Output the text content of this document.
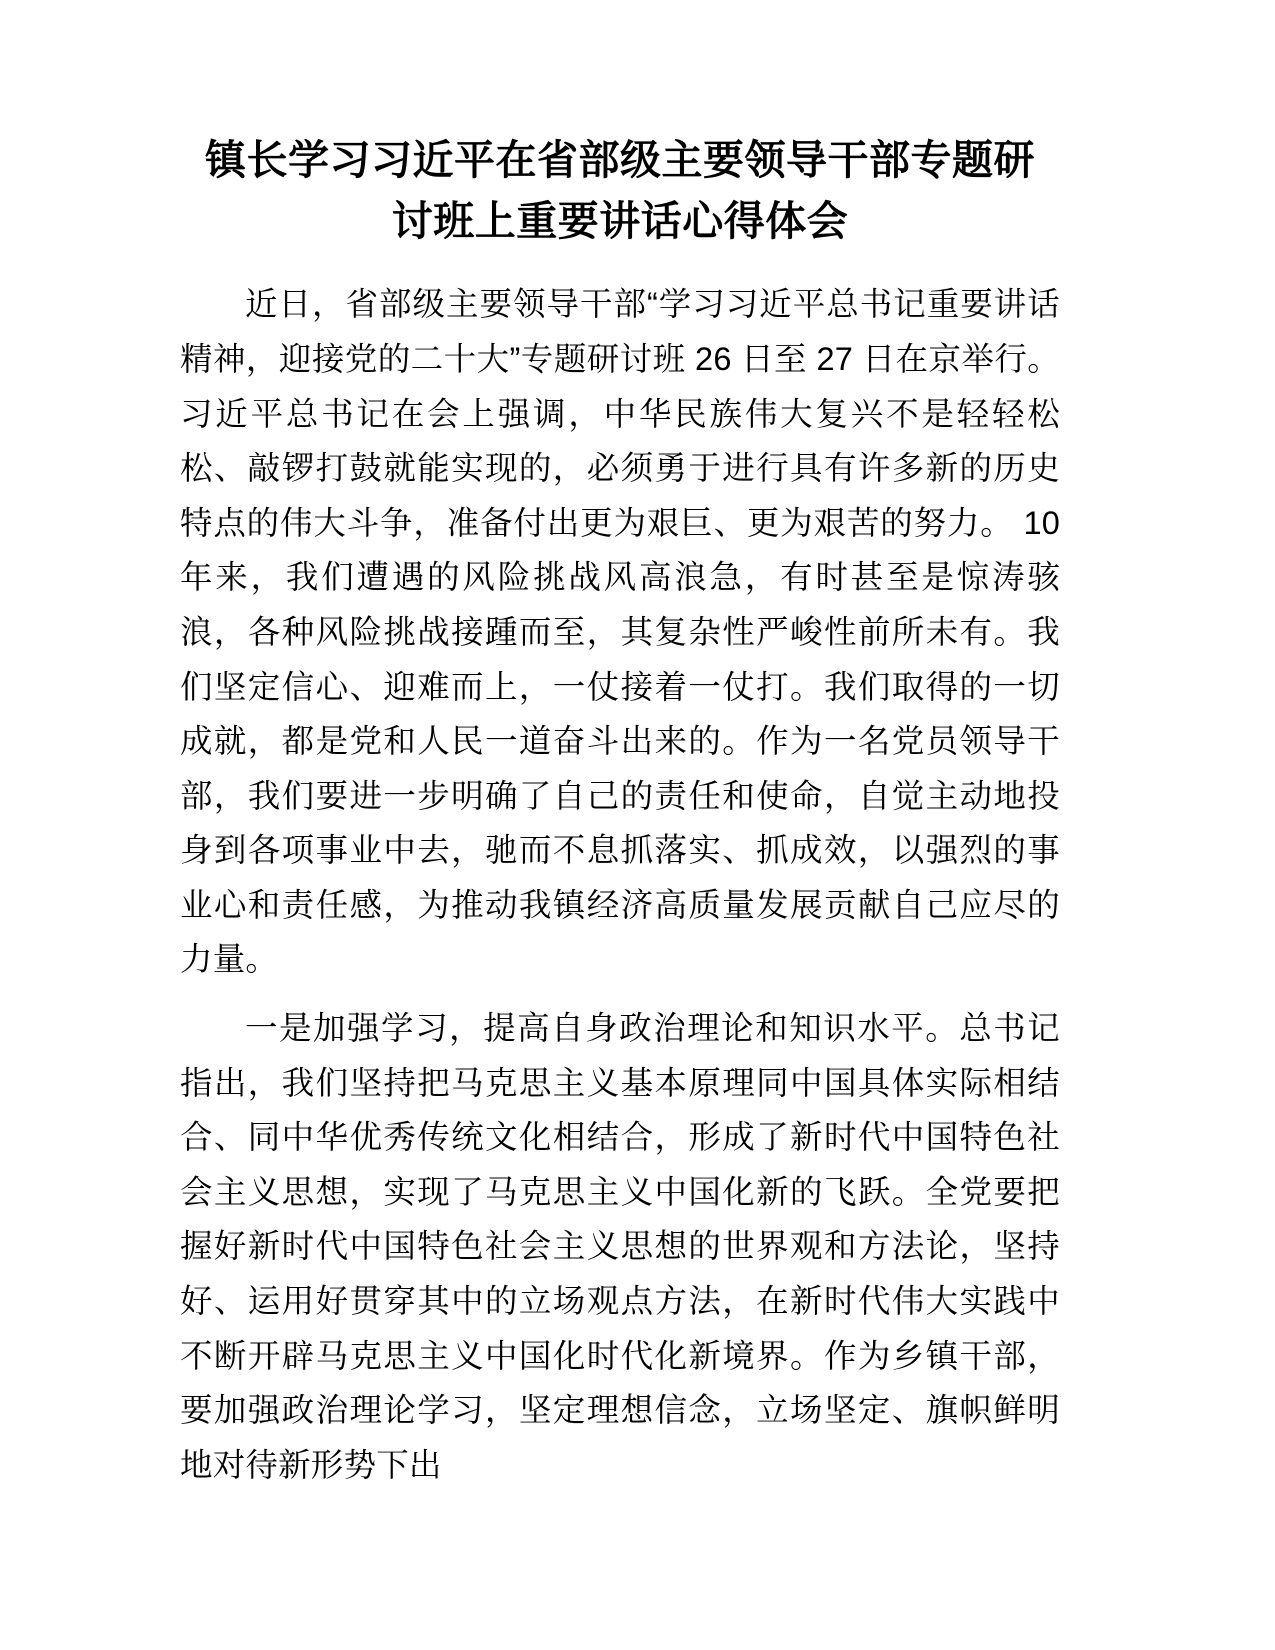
镇长学习习近平在省部级主要领导干部专题研讨班上重要讲话心得体会

近日，省部级主要领导干部“学习习近平总书记重要讲话精神，迎接党的二十大”专题研讨班 26 日至 27 日在京举行。习近平总书记在会上强调，中华民族伟大复兴不是轻轻松松、敲锣打鼓就能实现的，必须勇于进行具有许多新的历史特点的伟大斗争，准备付出更为艰巨、更为艰苦的努力。 10 年来，我们遭遇的风险挑战风高浪急，有时甚至是惊涛骇浪，各种风险挑战接踵而至，其复杂性严峻性前所未有。我们坚定信心、迎难而上，一仗接着一仗打。我们取得的一切成就，都是党和人民一道奋斗出来的。作为一名党员领导干部，我们要进一步明确了自己的责任和使命，自觉主动地投身到各项事业中去，驰而不息抓落实、抓成效，以强烈的事业心和责任感，为推动我镇经济高质量发展贡献自己应尽的力量。

一是加强学习，提高自身政治理论和知识水平。总书记指出，我们坚持把马克思主义基本原理同中国具体实际相结合、同中华优秀传统文化相结合，形成了新时代中国特色社会主义思想，实现了马克思主义中国化新的飞跃。全党要把握好新时代中国特色社会主义思想的世界观和方法论，坚持好、运用好贯穿其中的立场观点方法，在新时代伟大实践中不断开辟马克思主义中国化时代化新境界。作为乡镇干部，要加强政治理论学习，坚定理想信念，立场坚定、旗帜鲜明地对待新形势下出
